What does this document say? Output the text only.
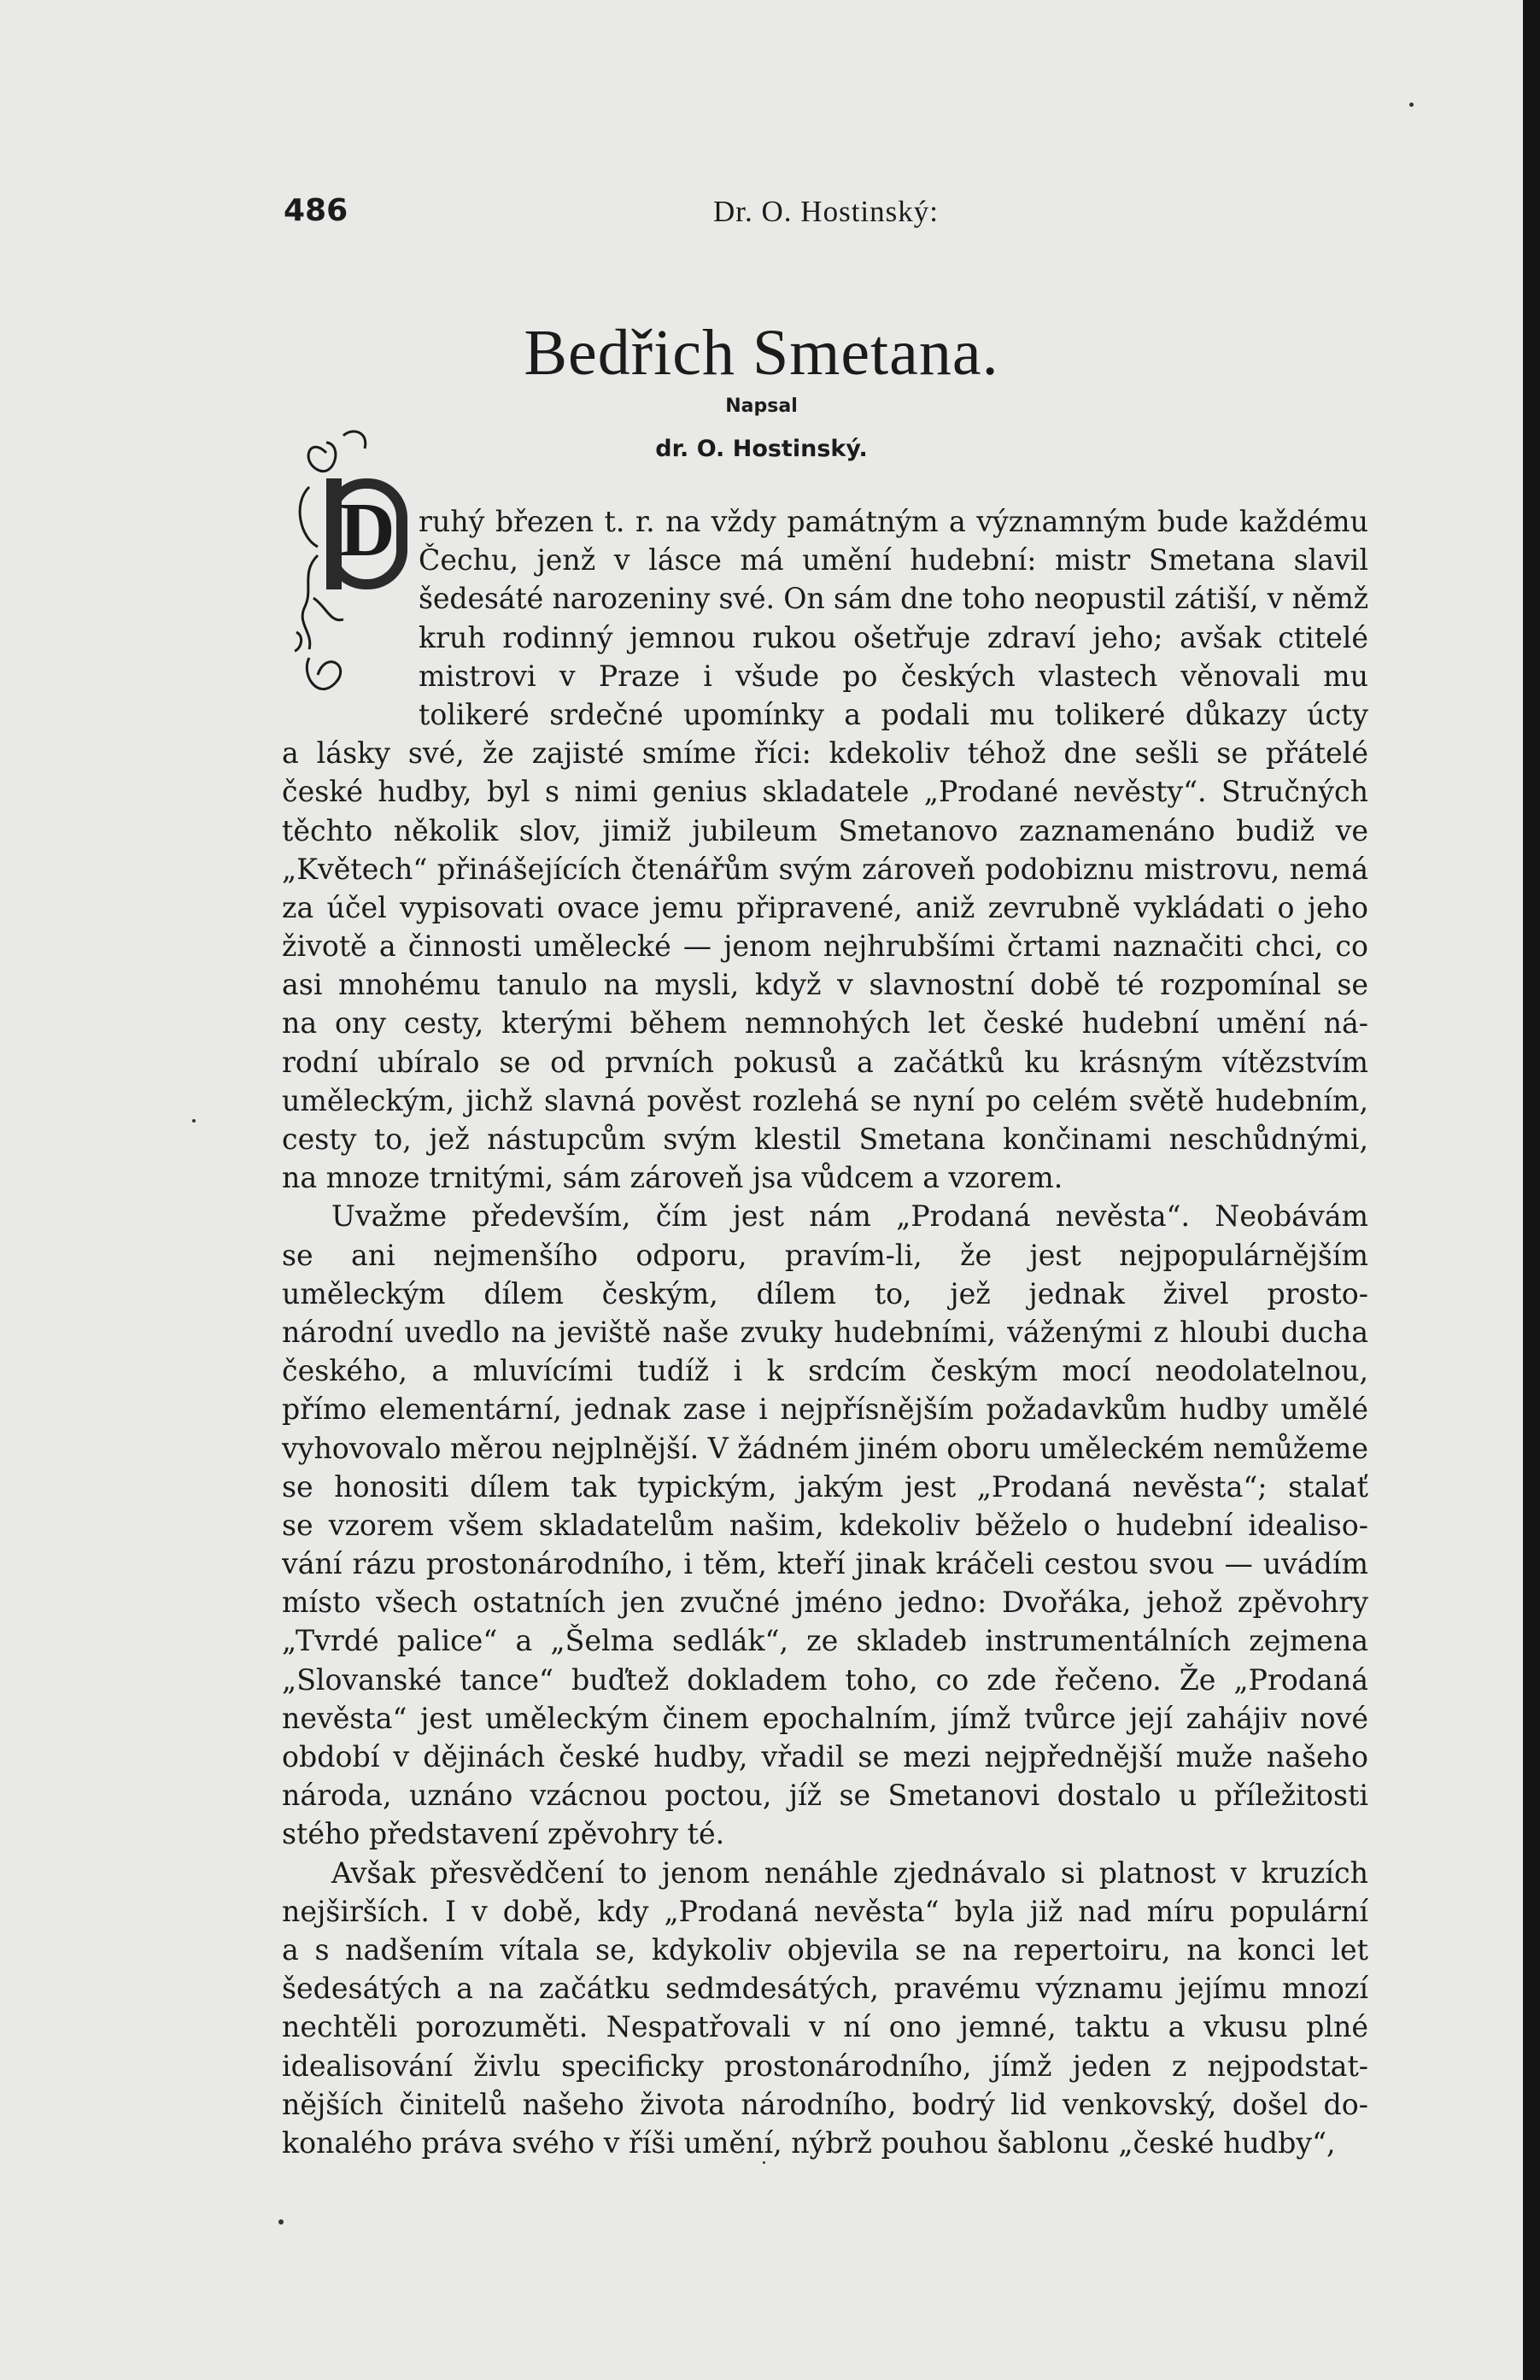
486	Dr. O. Hostinský:
Bedřich Smetana.
Napsal
dr. O. Hostinský.
D ruhý březen t. r. na vždy památným a významným bude každému
Čechu, jenž v lásce má umění hudební: mistr Smetana slavil
šedesáté narozeniny své. On sám dne toho neopustil zátiší, v němž
kruh rodinný jemnou rukou ošetřuje zdraví jeho; avšak ctitelé
mistrovi v Praze i všude po českých vlastech věnovali mu
tolikeré srdečné upomínky a podali mu tolikeré důkazy úcty
a lásky své, že zajisté smíme říci: kdekoliv téhož dne sešli se přátelé
české hudby, byl s nimi genius skladatele „Prodané nevěsty“. Stručných
těchto několik slov, jimiž jubileum Smetanovo zaznamenáno budiž ve
„Květech“ přinášejících čtenářům svým zároveň podobiznu mistrovu, nemá
za účel vypisovati ovace jemu připravené, aniž zevrubně vykládati o jeho
životě a činnosti umělecké — jenom nejhrubšími črtami naznačiti chci, co
asi mnohému tanulo na mysli, když v slavnostní době té rozpomínal se
na ony cesty, kterými během nemnohých let české hudební umění ná-
rodní ubíralo se od prvních pokusů a začátků ku krásným vítězstvím
uměleckým, jichž slavná pověst rozlehá se nyní po celém světě hudebním,
cesty to, jež nástupcům svým klestil Smetana končinami neschůdnými,
na mnoze trnitými, sám zároveň jsa vůdcem a vzorem.
Uvažme především, čím jest nám „Prodaná nevěsta“. Neobávám
se ani nejmenšího odporu, pravím-li, že jest nejpopulárnějším
uměleckým dílem českým, dílem to, jež jednak živel prosto-
národní uvedlo na jeviště naše zvuky hudebními, váženými z hloubi ducha
českého, a mluvícími tudíž i k srdcím českým mocí neodolatelnou,
přímo elementární, jednak zase i nejpřísnějším požadavkům hudby umělé
vyhovovalo měrou nejplnější. V žádném jiném oboru uměleckém nemůžeme
se honositi dílem tak typickým, jakým jest „Prodaná nevěsta“; stalať
se vzorem všem skladatelům našim, kdekoliv běželo o hudební idealiso-
vání rázu prostonárodního, i těm, kteří jinak kráčeli cestou svou — uvádím
místo všech ostatních jen zvučné jméno jedno: Dvořáka, jehož zpěvohry
„Tvrdé palice“ a „Šelma sedlák“, ze skladeb instrumentálních zejmena
„Slovanské tance“ buďtež dokladem toho, co zde řečeno. Že „Prodaná
nevěsta“ jest uměleckým činem epochalním, jímž tvůrce její zahájiv nové
období v dějinách české hudby, vřadil se mezi nejpřednější muže našeho
národa, uznáno vzácnou poctou, jíž se Smetanovi dostalo u příležitosti
stého představení zpěvohry té.
Avšak přesvědčení to jenom nenáhle zjednávalo si platnost v kruzích
nejširších. I v době, kdy „Prodaná nevěsta“ byla již nad míru populární
a s nadšením vítala se, kdykoliv objevila se na repertoiru, na konci let
šedesátých a na začátku sedmdesátých, pravému významu jejímu mnozí
nechtěli porozuměti. Nespatřovali v ní ono jemné, taktu a vkusu plné
idealisování živlu specificky prostonárodního, jímž jeden z nejpodstat-
nějších činitelů našeho života národního, bodrý lid venkovský, došel do-
konalého práva svého v říši umění, nýbrž pouhou šablonu „české hudby“,
